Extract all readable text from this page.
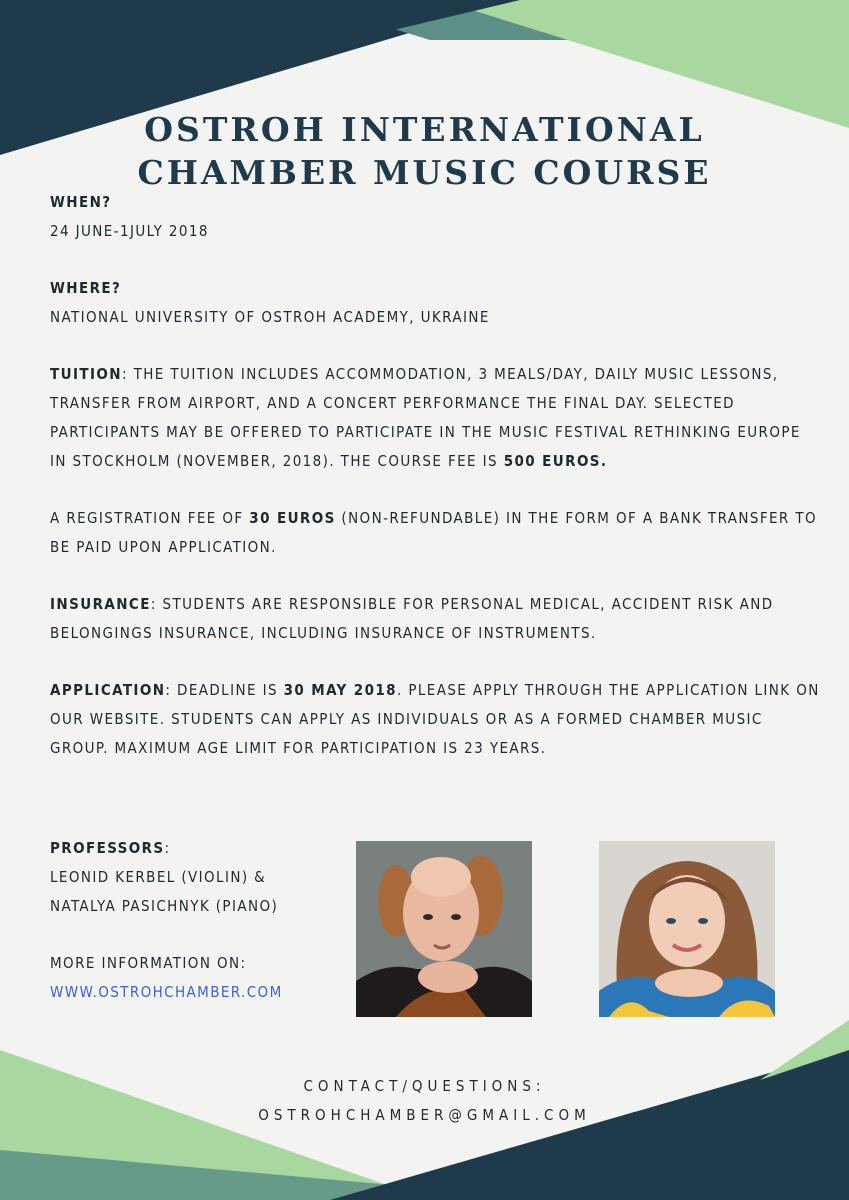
OSTROH INTERNATIONAL
CHAMBER MUSIC COURSE

WHEN?

24 JUNE-1JULY 2018

WHERE?

NATIONAL UNIVERSITY OF OSTROH ACADEMY, UKRAINE

TUITION: THE TUITION INCLUDES ACCOMMODATION, 3 MEALS/DAY, DAILY MUSIC LESSONS, TRANSFER FROM AIRPORT, AND A CONCERT PERFORMANCE THE FINAL DAY. SELECTED PARTICIPANTS MAY BE OFFERED TO PARTICIPATE IN THE MUSIC FESTIVAL RETHINKING EUROPE IN STOCKHOLM (NOVEMBER, 2018). THE COURSE FEE IS 500 EUROS.

A REGISTRATION FEE OF 30 EUROS (NON-REFUNDABLE) IN THE FORM OF A BANK TRANSFER TO BE PAID UPON APPLICATION.

INSURANCE: STUDENTS ARE RESPONSIBLE FOR PERSONAL MEDICAL, ACCIDENT RISK AND BELONGINGS INSURANCE, INCLUDING INSURANCE OF INSTRUMENTS.

APPLICATION: DEADLINE IS 30 MAY 2018. PLEASE APPLY THROUGH THE APPLICATION LINK ON OUR WEBSITE. STUDENTS CAN APPLY AS INDIVIDUALS OR AS A FORMED CHAMBER MUSIC GROUP. MAXIMUM AGE LIMIT FOR PARTICIPATION IS 23 YEARS.

PROFESSORS:

LEONID KERBEL (VIOLIN) &

NATALYA PASICHNYK (PIANO)

MORE INFORMATION ON:

WWW.OSTROHCHAMBER.COM

CONTACT/QUESTIONS:
OSTROHCHAMBER@GMAIL.COM
